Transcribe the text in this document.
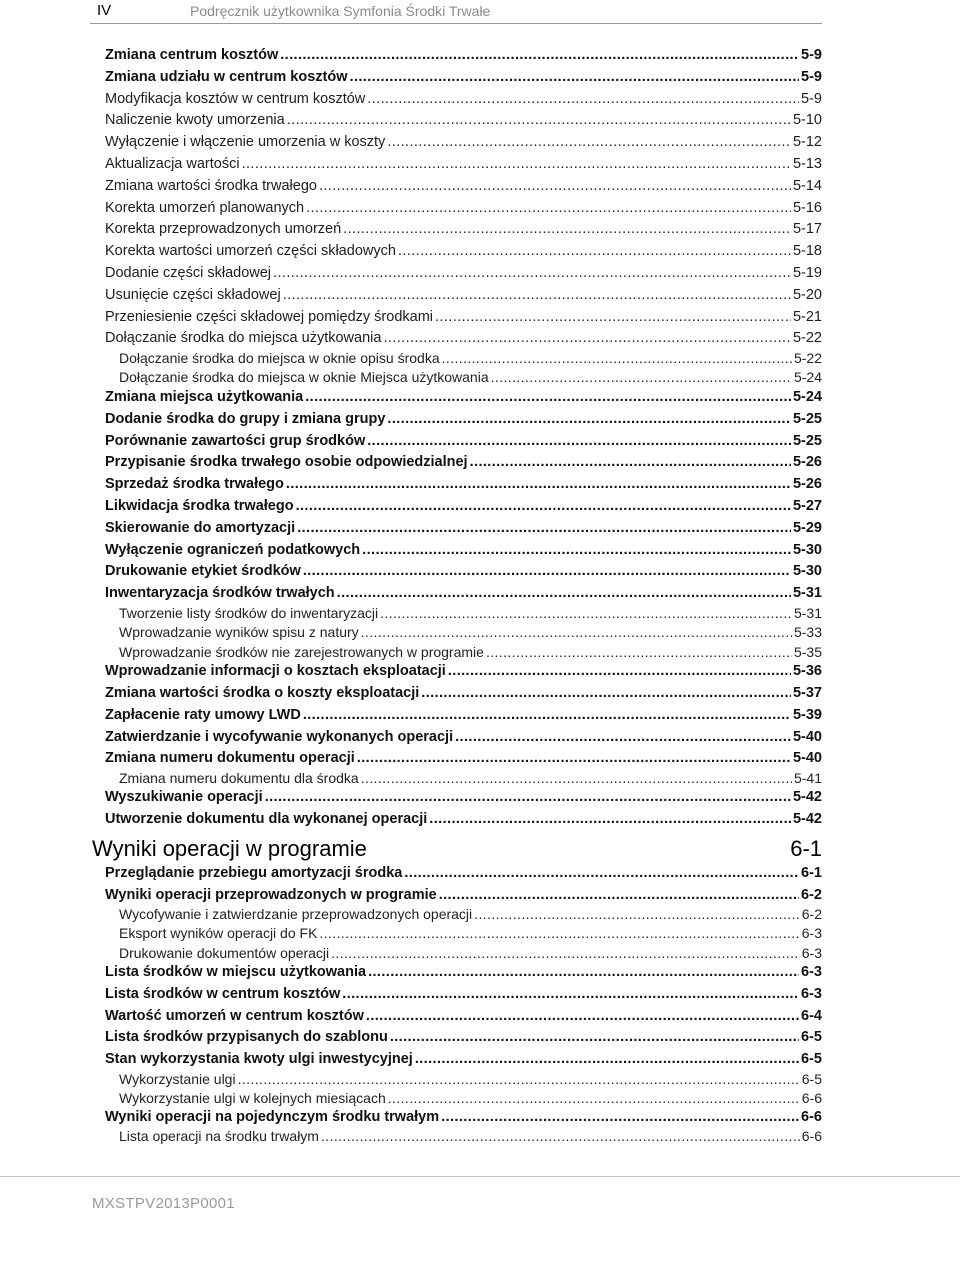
IV	Podręcznik użytkownika Symfonia Środki Trwałe
Zmiana centrum kosztów .....	5-9
Zmiana udziału w centrum kosztów .....	5-9
Modyfikacja kosztów w centrum kosztów .....	5-9
Naliczenie kwoty umorzenia .....	5-10
Wyłączenie i włączenie umorzenia w koszty .....	5-12
Aktualizacja wartości .....	5-13
Zmiana wartości środka trwałego .....	5-14
Korekta umorzeń planowanych .....	5-16
Korekta przeprowadzonych umorzeń .....	5-17
Korekta wartości umorzeń części składowych .....	5-18
Dodanie części składowej .....	5-19
Usunięcie części składowej .....	5-20
Przeniesienie części składowej pomiędzy środkami .....	5-21
Dołączanie środka do miejsca użytkowania .....	5-22
Dołączanie środka do miejsca w oknie opisu środka .....	5-22
Dołączanie środka do miejsca w oknie Miejsca użytkowania .....	5-24
Zmiana miejsca użytkowania .....	5-24
Dodanie środka do grupy i zmiana grupy .....	5-25
Porównanie zawartości grup środków .....	5-25
Przypisanie środka trwałego osobie odpowiedzialnej .....	5-26
Sprzedaż środka trwałego .....	5-26
Likwidacja środka trwałego .....	5-27
Skierowanie do amortyzacji .....	5-29
Wyłączenie ograniczeń podatkowych .....	5-30
Drukowanie etykiet środków .....	5-30
Inwentaryzacja środków trwałych .....	5-31
Tworzenie listy środków do inwentaryzacji .....	5-31
Wprowadzanie wyników spisu z natury .....	5-33
Wprowadzanie środków nie zarejestrowanych w programie .....	5-35
Wprowadzanie informacji o kosztach eksploatacji .....	5-36
Zmiana wartości środka o koszty eksploatacji .....	5-37
Zapłacenie raty umowy LWD .....	5-39
Zatwierdzanie i wycofywanie wykonanych operacji .....	5-40
Zmiana numeru dokumentu operacji .....	5-40
Zmiana numeru dokumentu dla środka .....	5-41
Wyszukiwanie operacji .....	5-42
Utworzenie dokumentu dla wykonanej operacji .....	5-42
Wyniki operacji w programie	6-1
Przeglądanie przebiegu amortyzacji środka .....	6-1
Wyniki operacji przeprowadzonych w programie .....	6-2
Wycofywanie i zatwierdzanie przeprowadzonych operacji .....	6-2
Eksport wyników operacji do FK .....	6-3
Drukowanie dokumentów operacji .....	6-3
Lista środków w miejscu użytkowania .....	6-3
Lista środków w centrum kosztów .....	6-3
Wartość umorzeń w centrum kosztów .....	6-4
Lista środków przypisanych do szablonu .....	6-5
Stan wykorzystania kwoty ulgi inwestycyjnej .....	6-5
Wykorzystanie ulgi .....	6-5
Wykorzystanie ulgi w kolejnych miesiącach .....	6-6
Wyniki operacji na pojedynczym środku trwałym .....	6-6
Lista operacji na środku trwałym .....	6-6
MXSTPV2013P0001
